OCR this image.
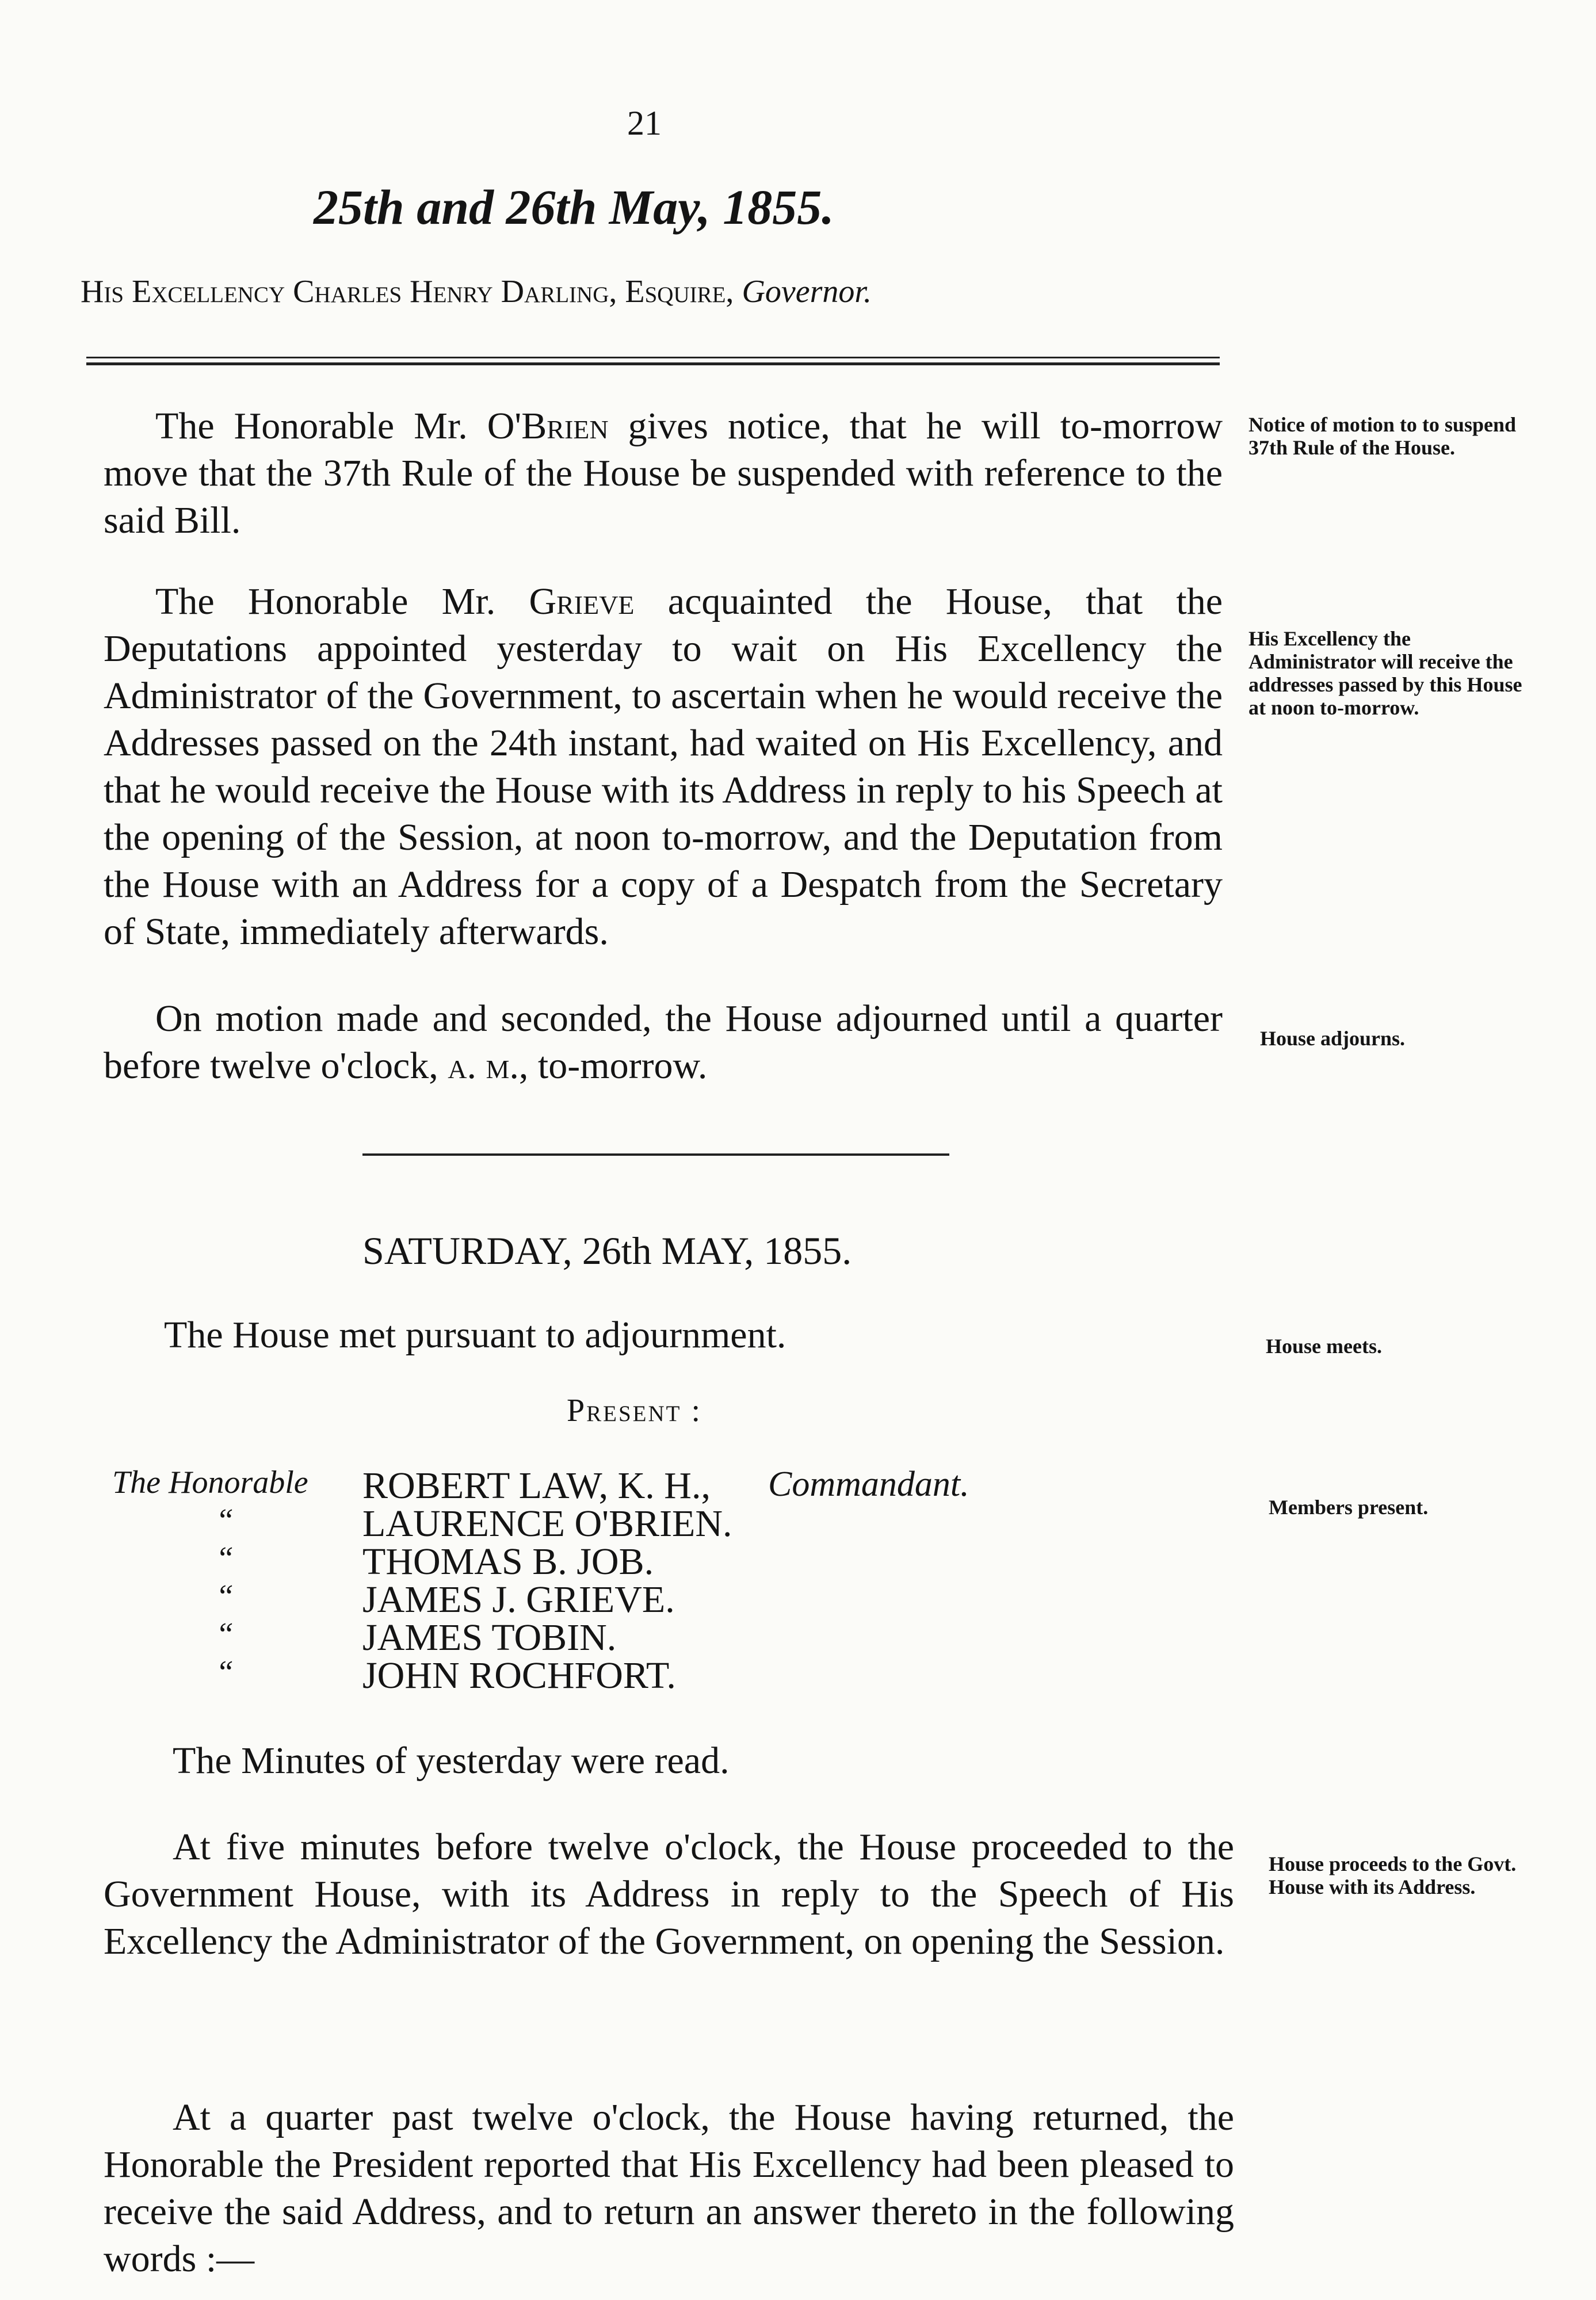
21
25th and 26th May, 1855.
His Excellency Charles Henry Darling, Esquire, Governor.
The Honorable Mr. O'Brien gives notice, that he will to-morrow move that the 37th Rule of the House be suspended with reference to the said Bill.
The Honorable Mr. Grieve acquainted the House, that the Deputations appointed yesterday to wait on His Excellency the Administrator of the Government, to ascertain when he would receive the Addresses passed on the 24th instant, had waited on His Excellency, and that he would receive the House with its Address in reply to his Speech at the opening of the Session, at noon to-morrow, and the Deputation from the House with an Address for a copy of a Despatch from the Secretary of State, immediately afterwards.
On motion made and seconded, the House adjourned until a quarter before twelve o'clock, a. m., to-morrow.
SATURDAY, 26th MAY, 1855.
The House met pursuant to adjournment.
Present :
The Honorable ROBERT LAW, K. H., Commandant.
“	LAURENCE O'BRIEN.
“	THOMAS B. JOB.
“	JAMES J. GRIEVE.
“	JAMES TOBIN.
“	JOHN ROCHFORT.
The Minutes of yesterday were read.
At five minutes before twelve o'clock, the House proceeded to the Government House, with its Address in reply to the Speech of His Excellency the Administrator of the Government, on opening the Session.
At a quarter past twelve o'clock, the House having returned, the Honorable the President reported that His Excellency had been pleased to receive the said Address, and to return an answer thereto in the following words :—
Notice of motion to to suspend 37th Rule of the House.
His Excellency the Administrator will receive the addresses passed by this House at noon to-morrow.
House adjourns.
House meets.
Members present.
House proceeds to the Govt. House with its Address.
